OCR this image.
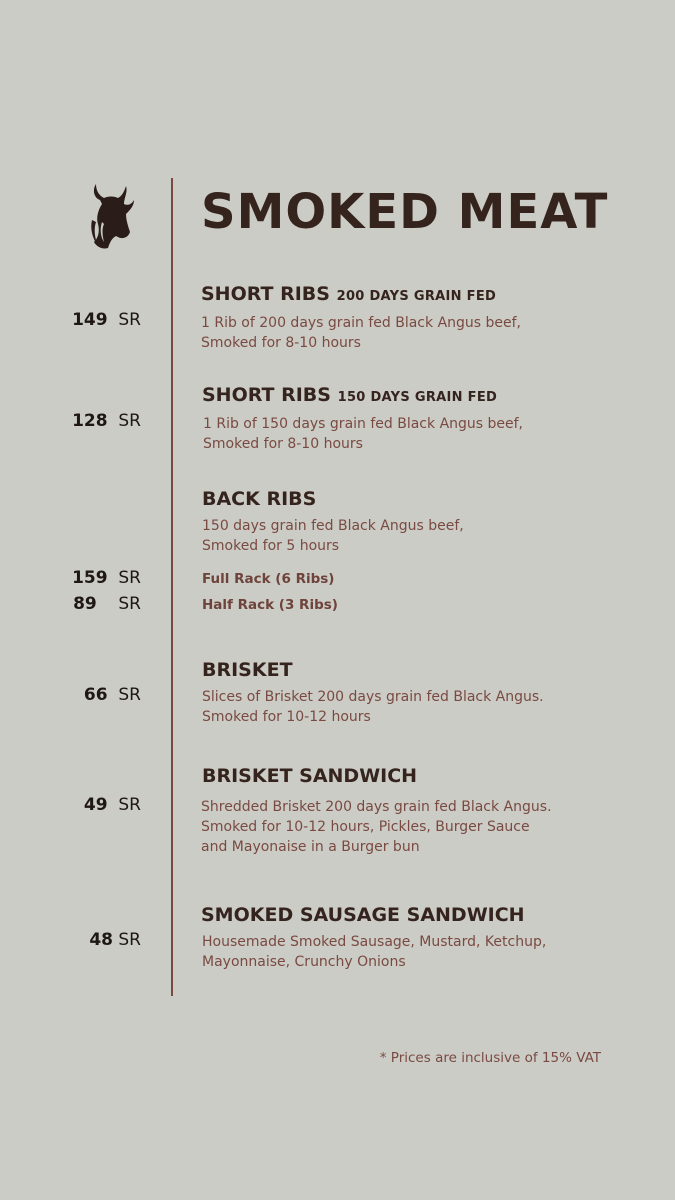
SMOKED MEAT
SHORT RIBS 200 DAYS GRAIN FED
1 Rib of 200 days grain fed Black Angus beef,
Smoked for 8-10 hours
149 SR
SHORT RIBS 150 DAYS GRAIN FED
1 Rib of 150 days grain fed Black Angus beef,
Smoked for 8-10 hours
128 SR
BACK RIBS
150 days grain fed Black Angus beef,
Smoked for 5 hours
Full Rack (6 Ribs)
159 SR
Half Rack (3 Ribs)
89 SR
BRISKET
Slices of Brisket 200 days grain fed Black Angus.
Smoked for 10-12 hours
66 SR
BRISKET SANDWICH
Shredded Brisket 200 days grain fed Black Angus.
Smoked for 10-12 hours, Pickles, Burger Sauce
and Mayonaise in a Burger bun
49 SR
SMOKED SAUSAGE SANDWICH
Housemade Smoked Sausage, Mustard, Ketchup,
Mayonnaise, Crunchy Onions
48 SR
* Prices are inclusive of 15% VAT
